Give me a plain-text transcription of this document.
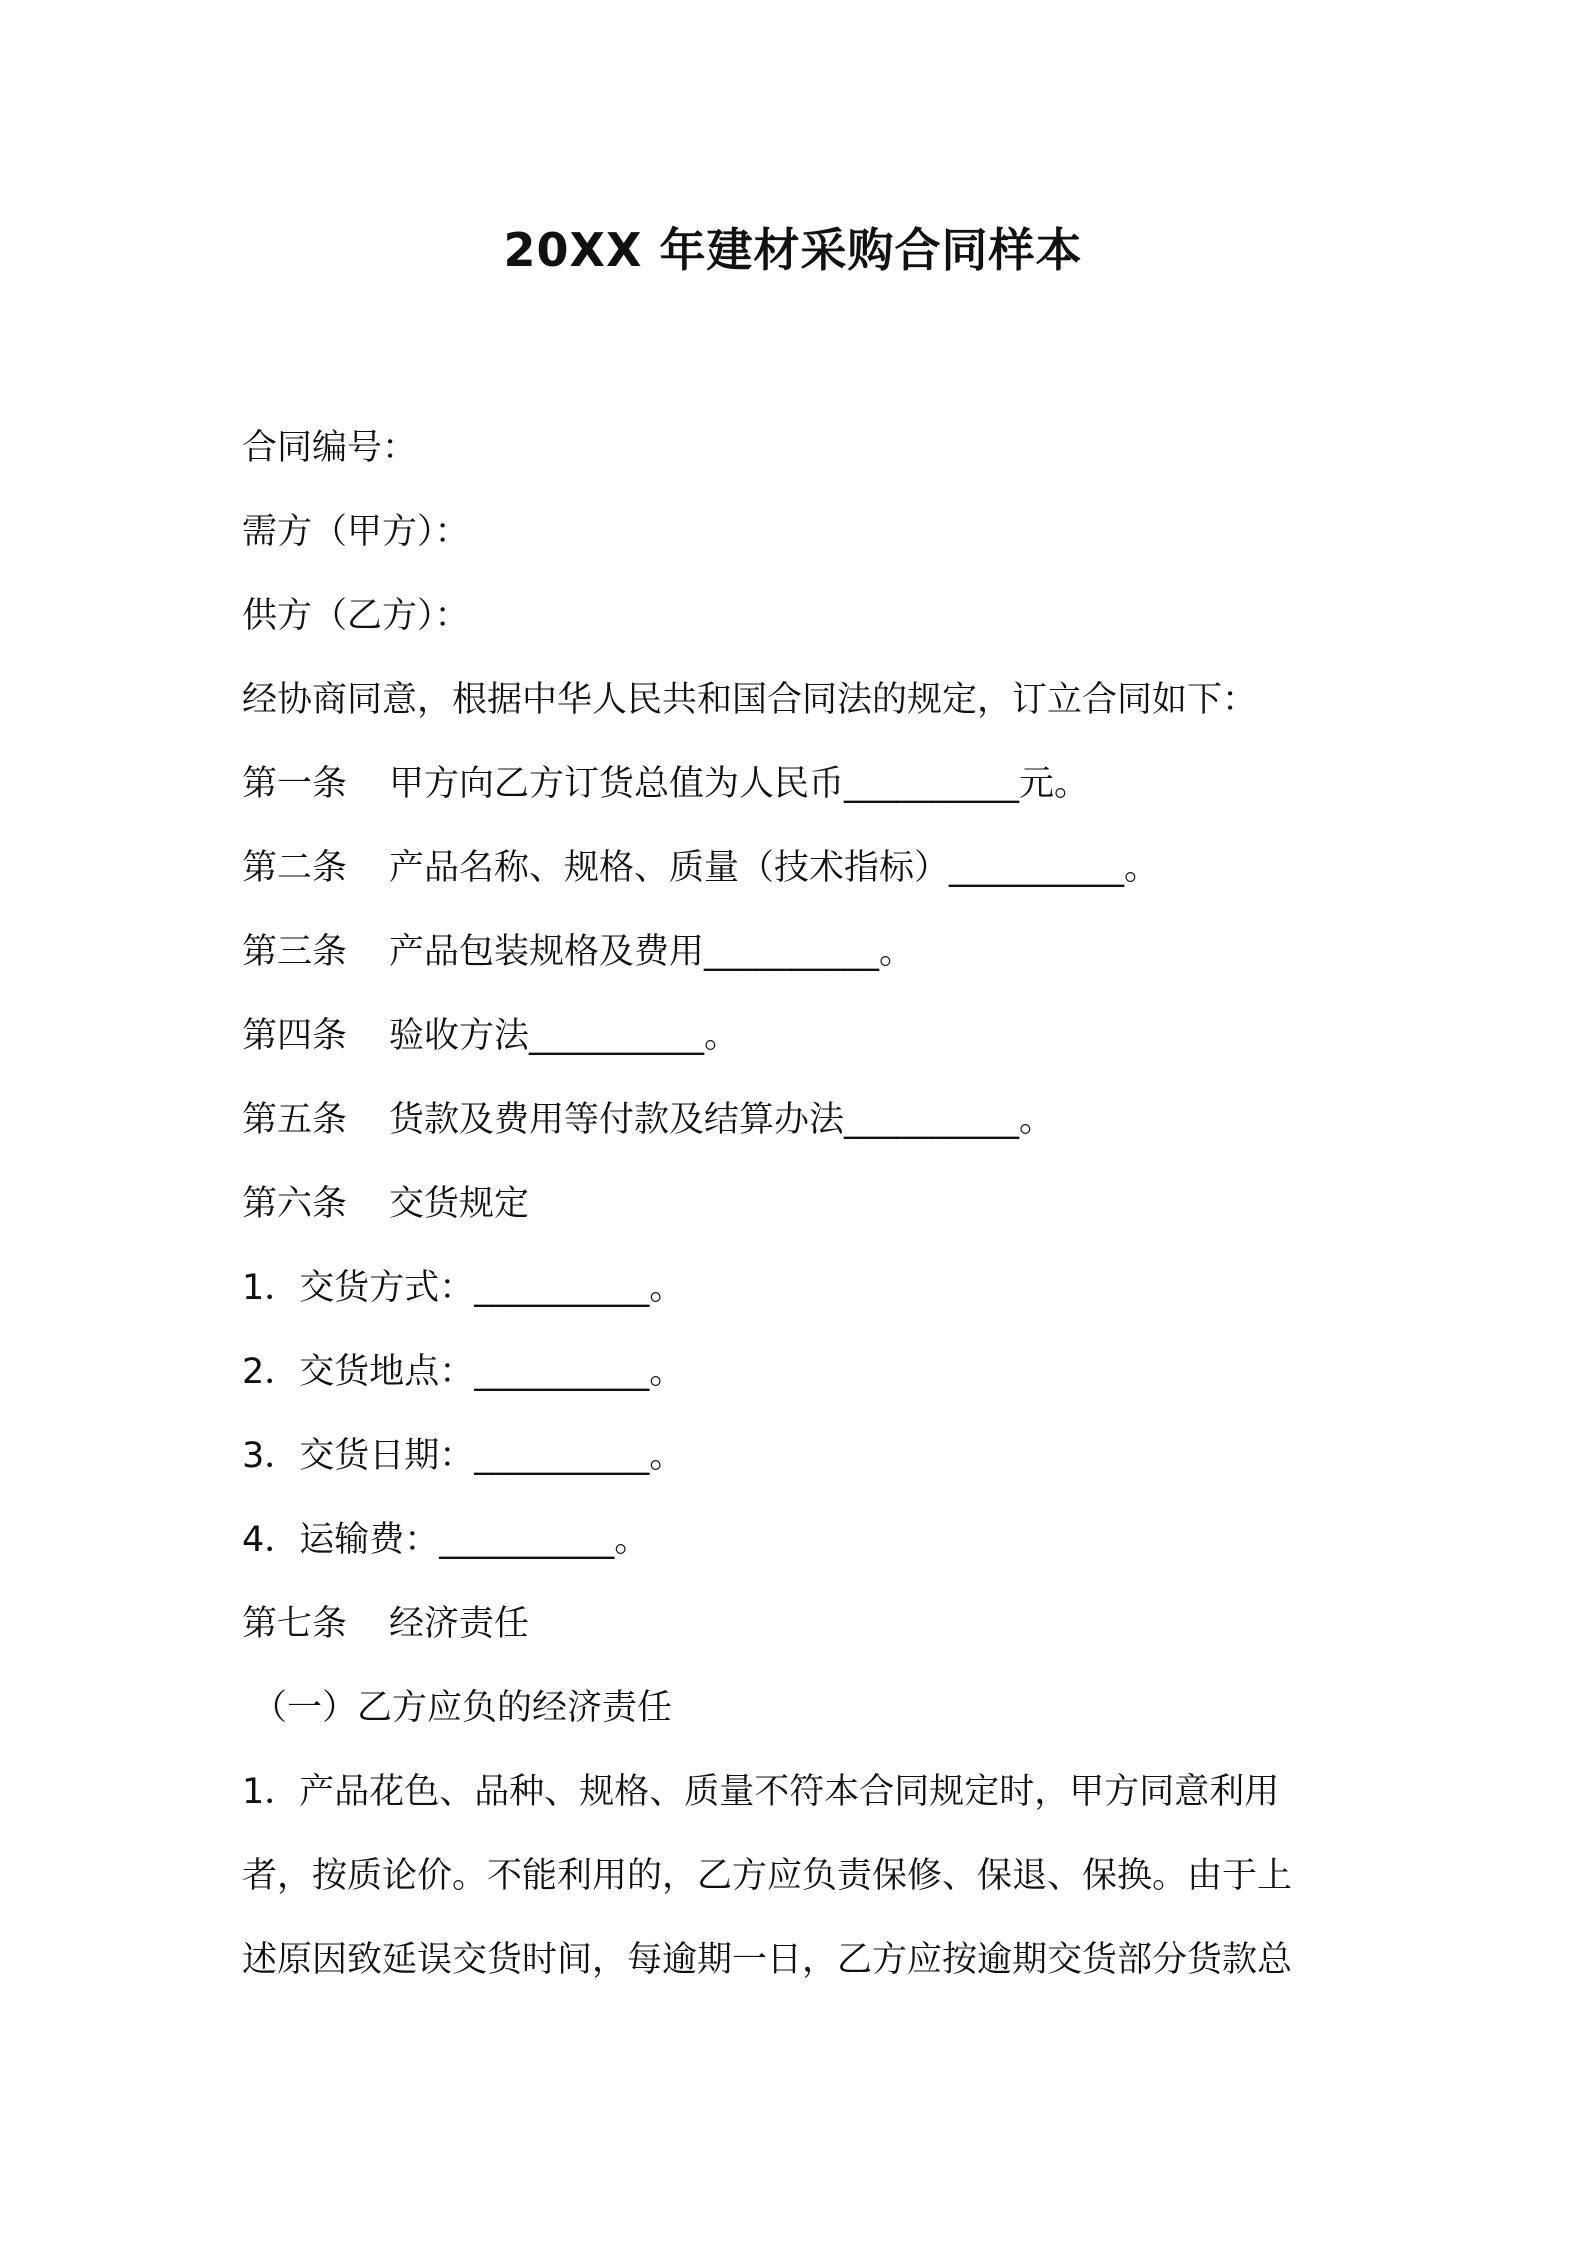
20XX 年建材采购合同样本
合同编号：
需方（甲方）：
供方（乙方）：
经协商同意，根据中华人民共和国合同法的规定，订立合同如下：
第一条 甲方向乙方订货总值为人民币__________元。
第二条 产品名称、规格、质量（技术指标）__________。
第三条 产品包装规格及费用__________。
第四条 验收方法__________。
第五条 货款及费用等付款及结算办法__________。
第六条 交货规定
1．交货方式：__________。
2．交货地点：__________。
3．交货日期：__________。
4．运输费：__________。
第七条 经济责任
（一）乙方应负的经济责任
1．产品花色、品种、规格、质量不符本合同规定时，甲方同意利用
者，按质论价。不能利用的，乙方应负责保修、保退、保换。由于上
述原因致延误交货时间，每逾期一日，乙方应按逾期交货部分货款总
